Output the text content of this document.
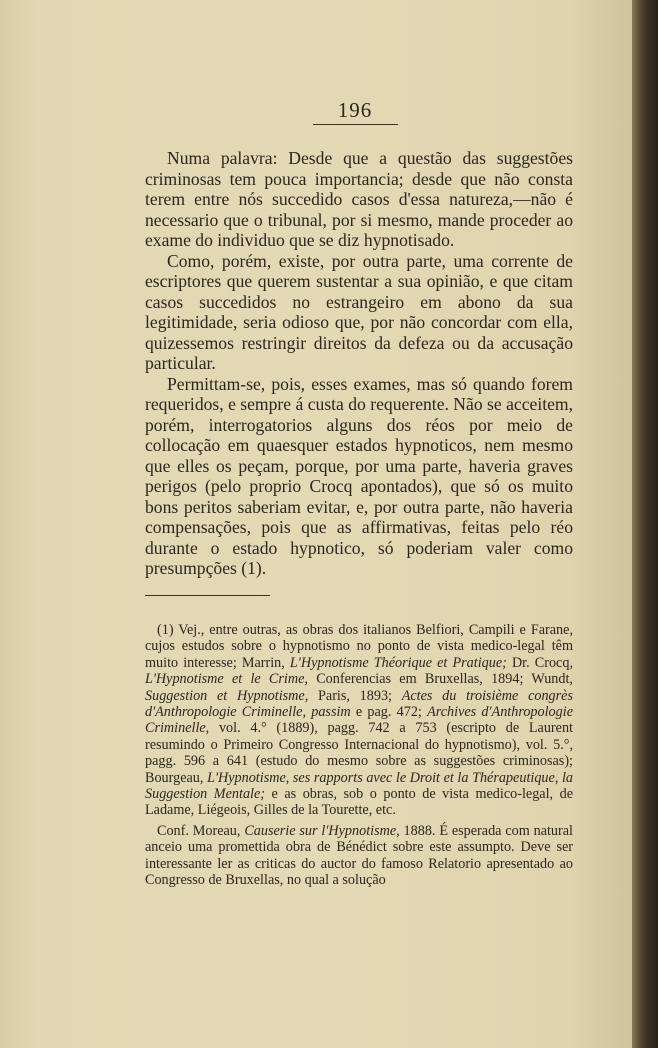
196

Numa palavra: Desde que a questão das suggestões criminosas tem pouca importancia; desde que não consta terem entre nós succedido casos d'essa natureza,—não é necessario que o tribunal, por si mesmo, mande proceder ao exame do individuo que se diz hypnotisado.

Como, porém, existe, por outra parte, uma corrente de escriptores que querem sustentar a sua opinião, e que citam casos succedidos no estrangeiro em abono da sua legitimidade, seria odioso que, por não concordar com ella, quizessemos restringir direitos da defeza ou da accusação particular.

Permittam-se, pois, esses exames, mas só quando forem requeridos, e sempre á custa do requerente. Não se acceitem, porém, interrogatorios alguns dos réos por meio de collocação em quaesquer estados hypnoticos, nem mesmo que elles os peçam, porque, por uma parte, haveria graves perigos (pelo proprio Crocq apontados), que só os muito bons peritos saberiam evitar, e, por outra parte, não haveria compensações, pois que as affirmativas, feitas pelo réo durante o estado hypnotico, só poderiam valer como presumpções (1).

(1) Vej., entre outras, as obras dos italianos Belfiori, Campili e Farane, cujos estudos sobre o hypnotismo no ponto de vista medico-legal têm muito interesse; Marrin, L'Hypnotisme Théorique et Pratique; Dr. Crocq, L'Hypnotisme et le Crime, Conferencias em Bruxellas, 1894; Wundt, Suggestion et Hypnotisme, Paris, 1893; Actes du troisième congrès d'Anthropologie Criminelle, passim e pag. 472; Archives d'Anthropologie Criminelle, vol. 4.° (1889), pagg. 742 a 753 (escripto de Laurent resumindo o Primeiro Congresso Internacional do hypnotismo), vol. 5.°, pagg. 596 a 641 (estudo do mesmo sobre as suggestões criminosas); Bourgeau, L'Hypnotisme, ses rapports avec le Droit et la Thérapeutique, la Suggestion Mentale; e as obras, sob o ponto de vista medico-legal, de Ladame, Liégeois, Gilles de la Tourette, etc.

Conf. Moreau, Causerie sur l'Hypnotisme, 1888. É esperada com natural anceio uma promettida obra de Bénédict sobre este assumpto. Deve ser interessante ler as criticas do auctor do famoso Relatorio apresentado ao Congresso de Bruxellas, no qual a solução
